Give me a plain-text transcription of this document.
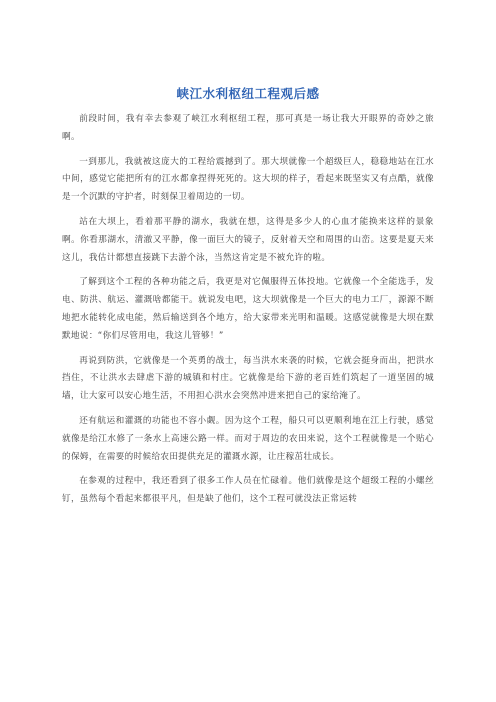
峡江水利枢纽工程观后感

前段时间，我有幸去参观了峡江水利枢纽工程，那可真是一场让我大开眼界的奇妙之旅啊。

一到那儿，我就被这庞大的工程给震撼到了。那大坝就像一个超级巨人，稳稳地站在江水中间，感觉它能把所有的江水都拿捏得死死的。这大坝的样子，看起来既坚实又有点酷，就像是一个沉默的守护者，时刻保卫着周边的一切。

站在大坝上，看着那平静的湖水，我就在想，这得是多少人的心血才能换来这样的景象啊。你看那湖水，清澈又平静，像一面巨大的镜子，反射着天空和周围的山峦。这要是夏天来这儿，我估计都想直接跳下去游个泳，当然这肯定是不被允许的啦。

了解到这个工程的各种功能之后，我更是对它佩服得五体投地。它就像一个全能选手，发电、防洪、航运、灌溉啥都能干。就说发电吧，这大坝就像是一个巨大的电力工厂，源源不断地把水能转化成电能，然后输送到各个地方，给大家带来光明和温暖。这感觉就像是大坝在默默地说：“你们尽管用电，我这儿管够！”

再说到防洪，它就像是一个英勇的战士，每当洪水来袭的时候，它就会挺身而出，把洪水挡住，不让洪水去肆虐下游的城镇和村庄。它就像是给下游的老百姓们筑起了一道坚固的城墙，让大家可以安心地生活，不用担心洪水会突然冲进来把自己的家给淹了。

还有航运和灌溉的功能也不容小觑。因为这个工程，船只可以更顺利地在江上行驶，感觉就像是给江水修了一条水上高速公路一样。而对于周边的农田来说，这个工程就像是一个贴心的保姆，在需要的时候给农田提供充足的灌溉水源，让庄稼茁壮成长。

在参观的过程中，我还看到了很多工作人员在忙碌着。他们就像是这个超级工程的小螺丝钉，虽然每个看起来都很平凡，但是缺了他们，这个工程可就没法正常运转
